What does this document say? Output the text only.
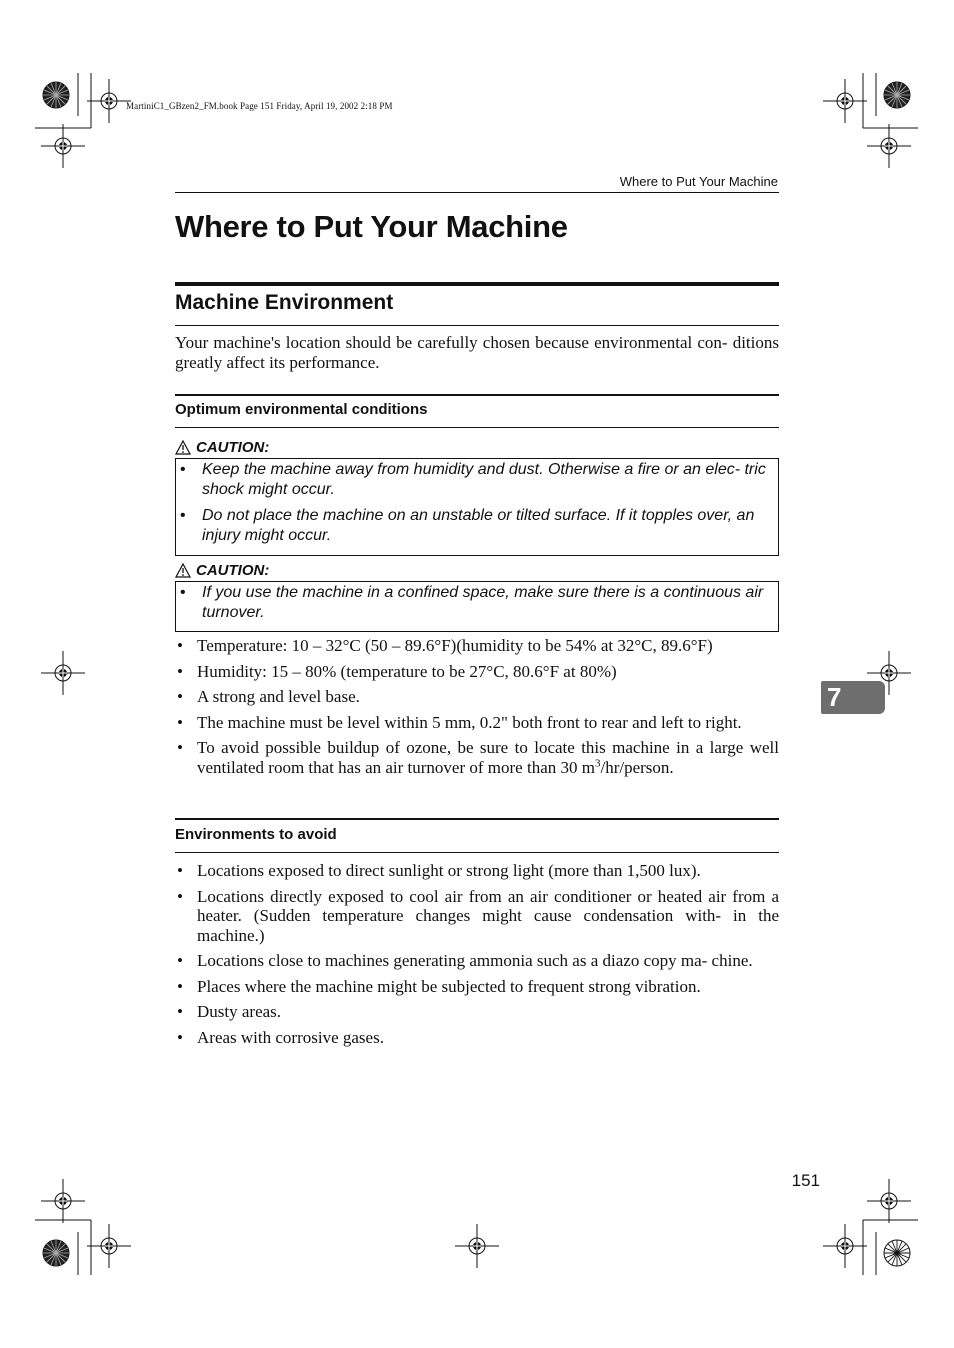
MartiniC1_GBzen2_FM.book Page 151 Friday, April 19, 2002 2:18 PM
Where to Put Your Machine
Where to Put Your Machine
Machine Environment
Your machine's location should be carefully chosen because environmental con- ditions greatly affect its performance.
Optimum environmental conditions
CAUTION:
• Keep the machine away from humidity and dust. Otherwise a fire or an elec- tric shock might occur.
• Do not place the machine on an unstable or tilted surface. If it topples over, an injury might occur.
CAUTION:
• If you use the machine in a confined space, make sure there is a continuous air turnover.
• Temperature: 10 – 32°C (50 – 89.6°F)(humidity to be 54% at 32°C, 89.6°F)
• Humidity: 15 – 80% (temperature to be 27°C, 80.6°F at 80%)
• A strong and level base.
• The machine must be level within 5 mm, 0.2" both front to rear and left to right.
• To avoid possible buildup of ozone, be sure to locate this machine in a large well ventilated room that has an air turnover of more than 30 $m^3/hr$/person.
Environments to avoid
• Locations exposed to direct sunlight or strong light (more than 1,500 lux).
• Locations directly exposed to cool air from an air conditioner or heated air from a heater. (Sudden temperature changes might cause condensation with- in the machine.)
• Locations close to machines generating ammonia such as a diazo copy ma- chine.
• Places where the machine might be subjected to frequent strong vibration.
• Dusty areas.
• Areas with corrosive gases.
7
151
